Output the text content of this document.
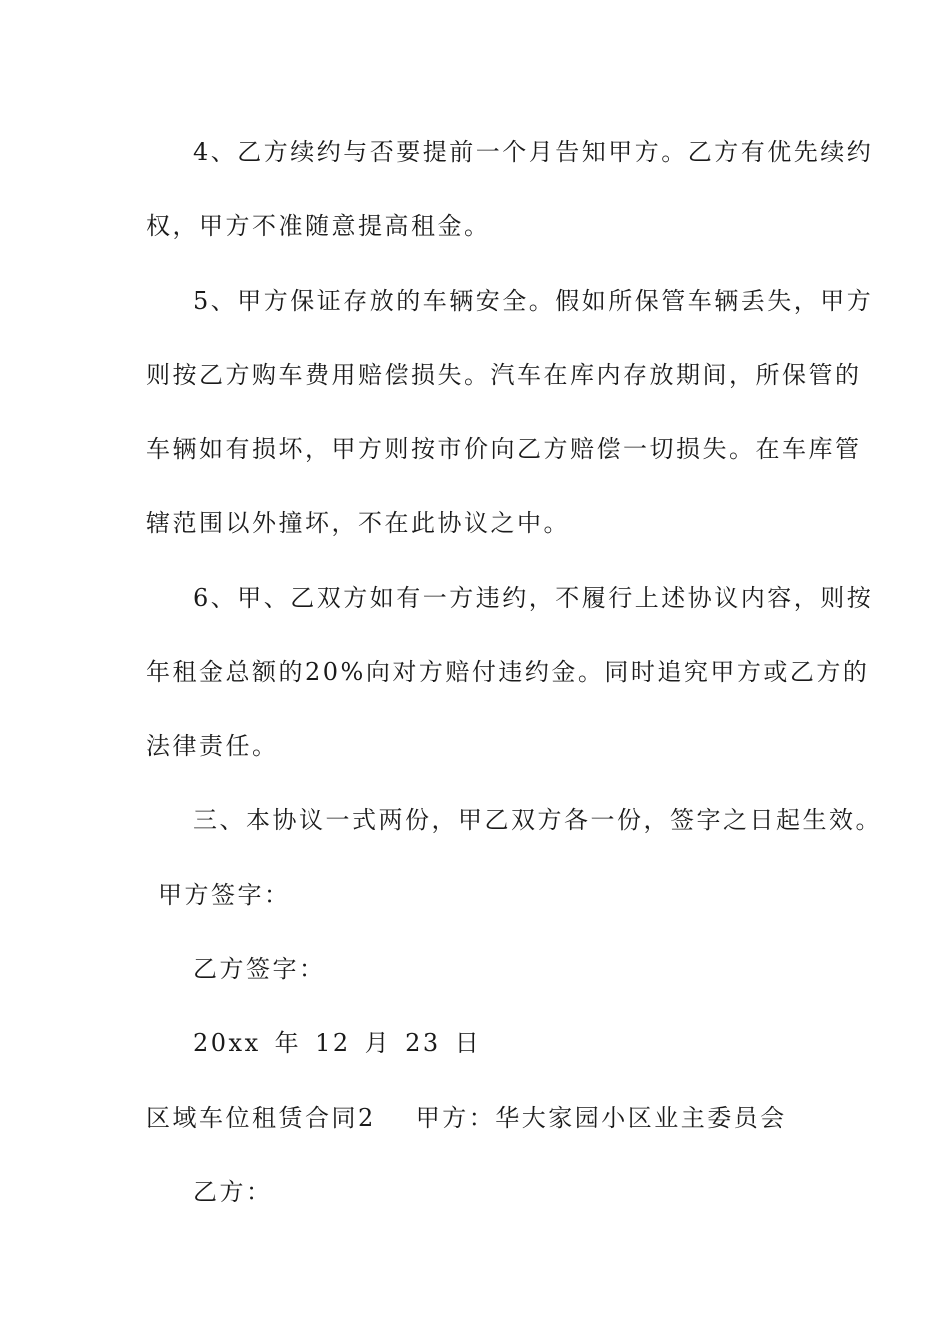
4、乙方续约与否要提前一个月告知甲方。乙方有优先续约
权，甲方不准随意提高租金。
5、甲方保证存放的车辆安全。假如所保管车辆丢失，甲方
则按乙方购车费用赔偿损失。汽车在库内存放期间，所保管的
车辆如有损坏，甲方则按市价向乙方赔偿一切损失。在车库管
辖范围以外撞坏，不在此协议之中。
6、甲、乙双方如有一方违约，不履行上述协议内容，则按
年租金总额的20%向对方赔付违约金。同时追究甲方或乙方的
法律责任。
三、本协议一式两份，甲乙双方各一份，签字之日起生效。
甲方签字：
乙方签字：
20xx 年 12 月 23 日
区域车位租赁合同2 甲方：华大家园小区业主委员会
乙方：
